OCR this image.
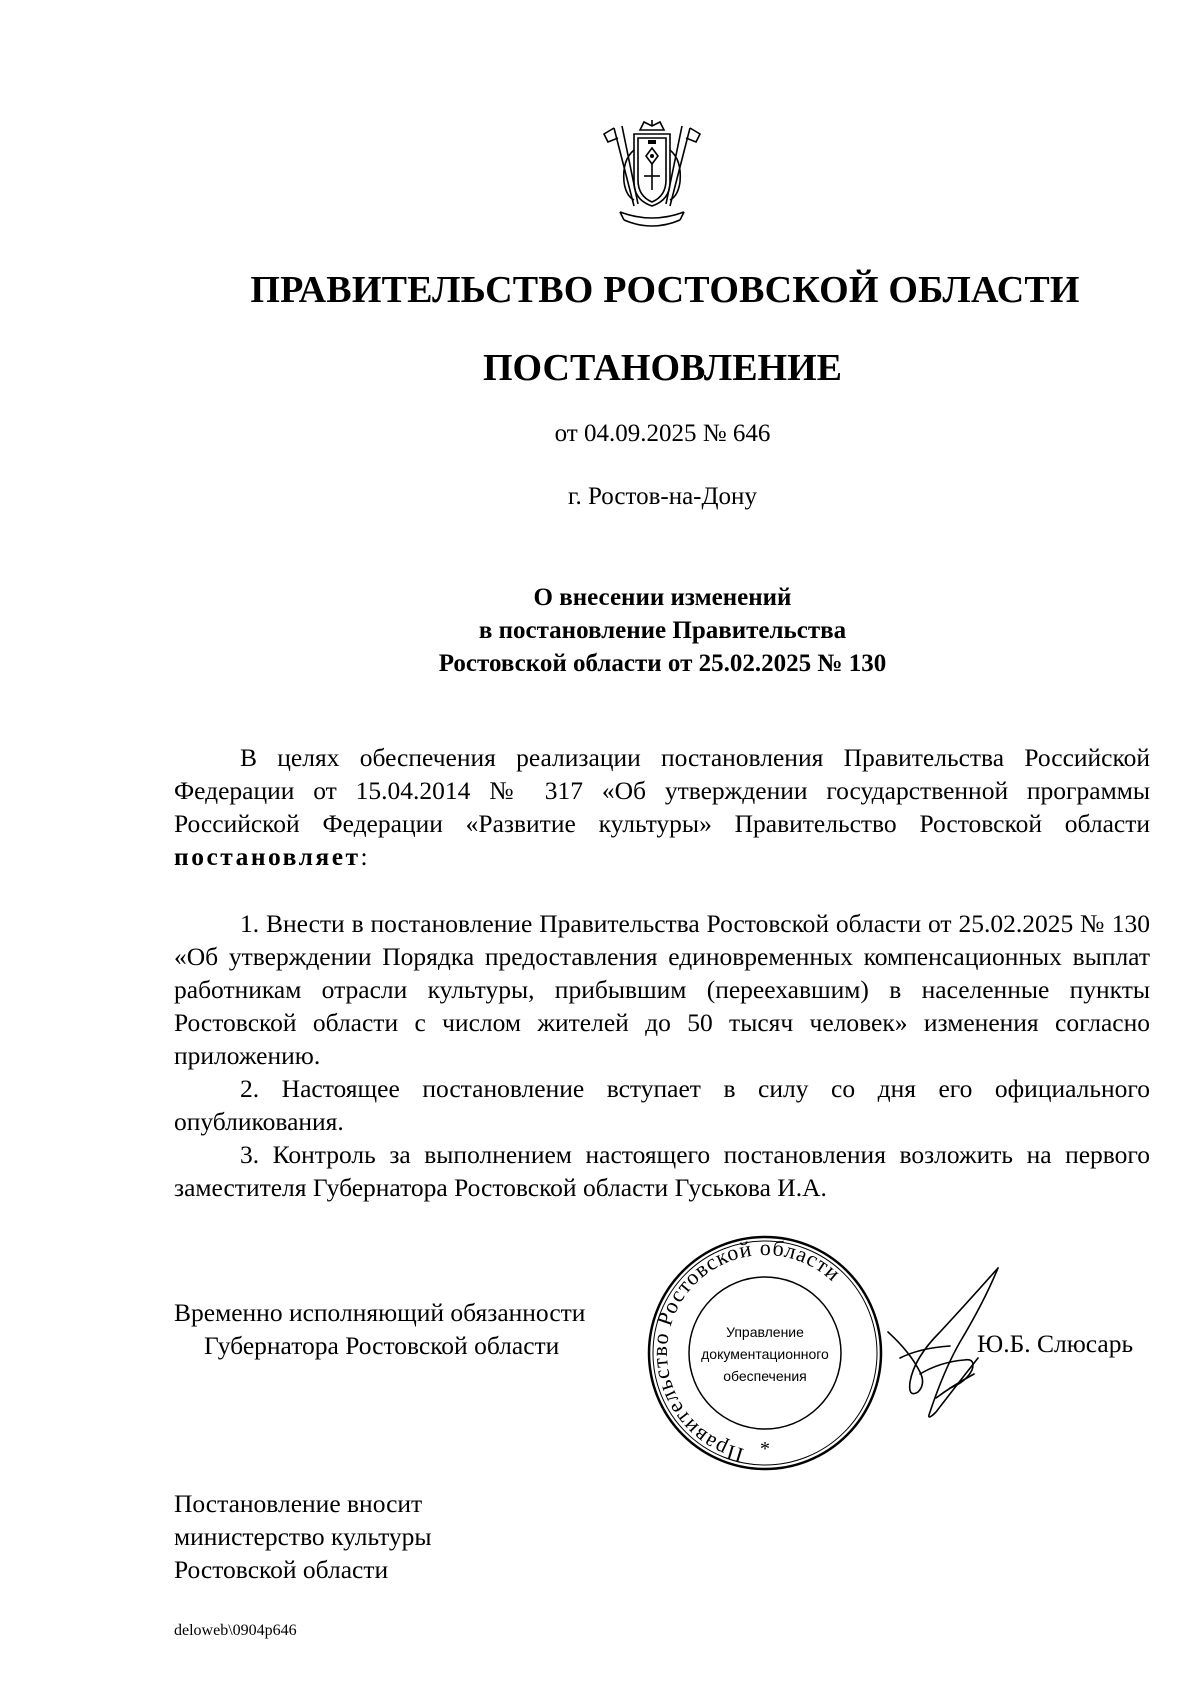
ПРАВИТЕЛЬСТВО РОСТОВСКОЙ ОБЛАСТИ
ПОСТАНОВЛЕНИЕ
от 04.09.2025 № 646
г. Ростов-на-Дону
О внесении изменений
в постановление Правительства
Ростовской области от 25.02.2025 № 130

В целях обеспечения реализации постановления Правительства Российской Федерации от 15.04.2014 № 317 «Об утверждении государственной программы Российской Федерации «Развитие культуры» Правительство Ростовской области постановляет:

1. Внести в постановление Правительства Ростовской области от 25.02.2025 № 130 «Об утверждении Порядка предоставления единовременных компенсационных выплат работникам отрасли культуры, прибывшим (переехавшим) в населенные пункты Ростовской области с числом жителей до 50 тысяч человек» изменения согласно приложению.

2. Настоящее постановление вступает в силу со дня его официального опубликования.

3. Контроль за выполнением настоящего постановления возложить на первого заместителя Губернатора Ростовской области Гуськова И.А.

Временно исполняющий обязанности
Губернатора Ростовской области
Правительство Ростовской области
Управление
документационного
обеспечения
*
Ю.Б. Слюсарь
Постановление вносит
министерство культуры
Ростовской области
deloweb\0904p646
